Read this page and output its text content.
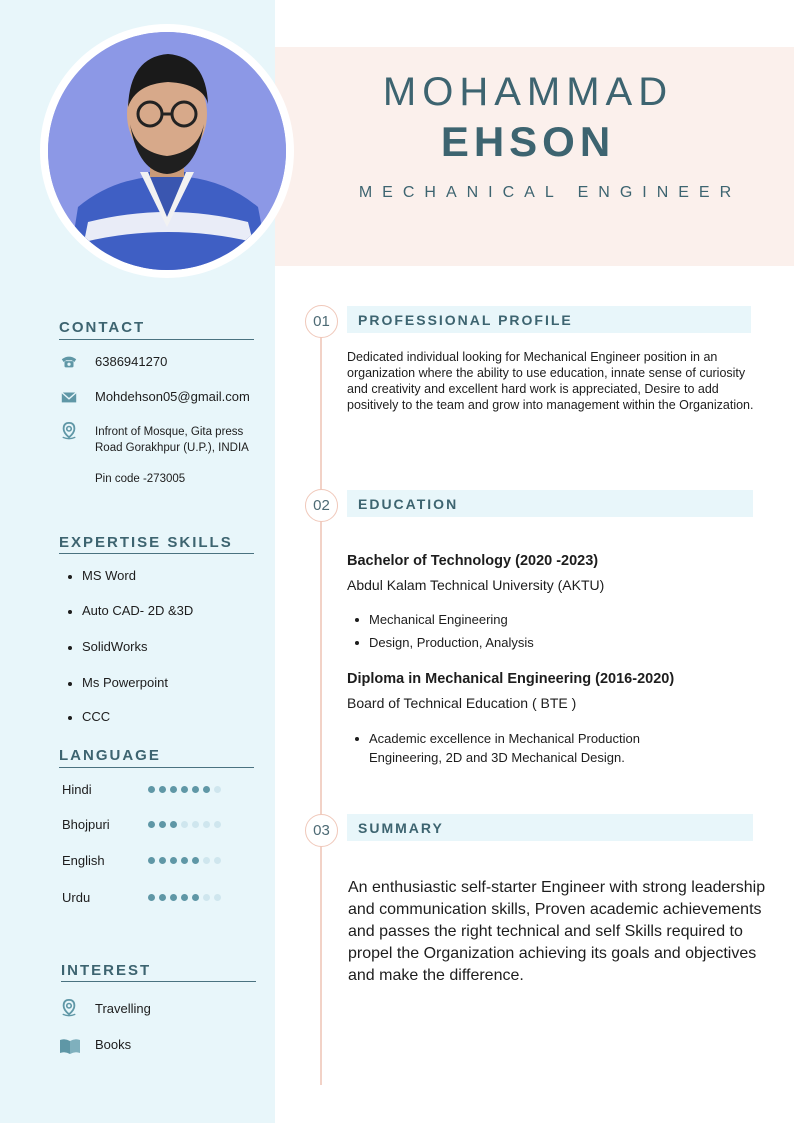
MOHAMMAD
EHSON
MECHANICAL ENGINEER
CONTACT
6386941270
Mohdehson05@gmail.com
Infront of Mosque, Gita press
Road Gorakhpur (U.P.), INDIA
Pin code -273005
EXPERTISE SKILLS
MS Word
Auto CAD- 2D &3D
SolidWorks
Ms Powerpoint
CCC
LANGUAGE
Hindi
Bhojpuri
English
Urdu
INTEREST
Travelling
Books
01	PROFESSIONAL PROFILE
Dedicated individual looking for Mechanical Engineer position in an organization where the ability to use education, innate sense of curiosity and creativity and excellent hard work is appreciated, Desire to add positively to the team and grow into management within the Organization.
02	EDUCATION
Bachelor of Technology (2020 -2023)
Abdul Kalam Technical University (AKTU)
Mechanical Engineering
Design, Production, Analysis
Diploma in Mechanical Engineering (2016-2020)
Board of Technical Education ( BTE )
Academic excellence in Mechanical Production
Engineering, 2D and 3D Mechanical Design.
03	SUMMARY
An enthusiastic self-starter Engineer with strong leadership and communication skills, Proven academic achievements and passes the right technical and self Skills required to propel the Organization achieving its goals and objectives and make the difference.
